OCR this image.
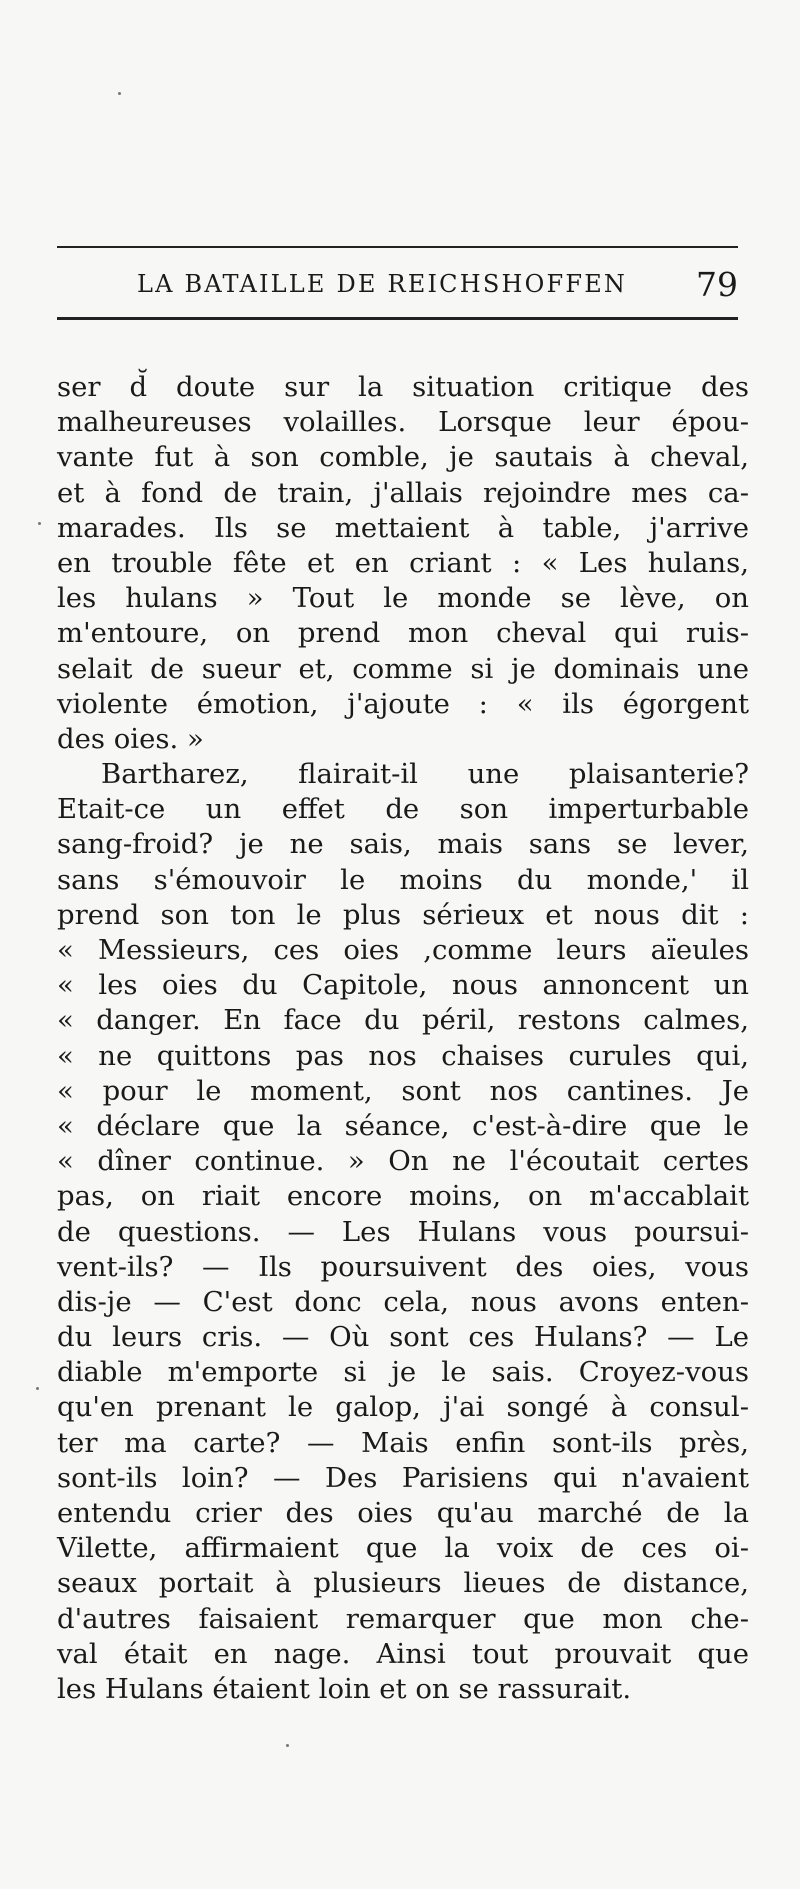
LA BATAILLE DE REICHSHOFFEN 79
ser d̆ doute sur la situation critique des
malheureuses volailles. Lorsque leur épou-
vante fut à son comble, je sautais à cheval,
et à fond de train, j'allais rejoindre mes ca-
marades. Ils se mettaient à table, j'arrive
en trouble fête et en criant : « Les hulans,
les hulans » Tout le monde se lève, on
m'entoure, on prend mon cheval qui ruis-
selait de sueur et, comme si je dominais une
violente émotion, j'ajoute : « ils égorgent
des oies. »
Bartharez, flairait-il une plaisanterie?
Etait-ce un effet de son imperturbable
sang-froid? je ne sais, mais sans se lever,
sans s'émouvoir le moins du monde,' il
prend son ton le plus sérieux et nous dit :
« Messieurs, ces oies ,comme leurs aïeules
« les oies du Capitole, nous annoncent un
« danger. En face du péril, restons calmes,
« ne quittons pas nos chaises curules qui,
« pour le moment, sont nos cantines. Je
« déclare que la séance, c'est-à-dire que le
« dîner continue. » On ne l'écoutait certes
pas, on riait encore moins, on m'accablait
de questions. — Les Hulans vous poursui-
vent-ils? — Ils poursuivent des oies, vous
dis-je — C'est donc cela, nous avons enten-
du leurs cris. — Où sont ces Hulans? — Le
diable m'emporte si je le sais. Croyez-vous
qu'en prenant le galop, j'ai songé à consul-
ter ma carte? — Mais enfin sont-ils près,
sont-ils loin? — Des Parisiens qui n'avaient
entendu crier des oies qu'au marché de la
Vilette, affirmaient que la voix de ces oi-
seaux portait à plusieurs lieues de distance,
d'autres faisaient remarquer que mon che-
val était en nage. Ainsi tout prouvait que
les Hulans étaient loin et on se rassurait.
